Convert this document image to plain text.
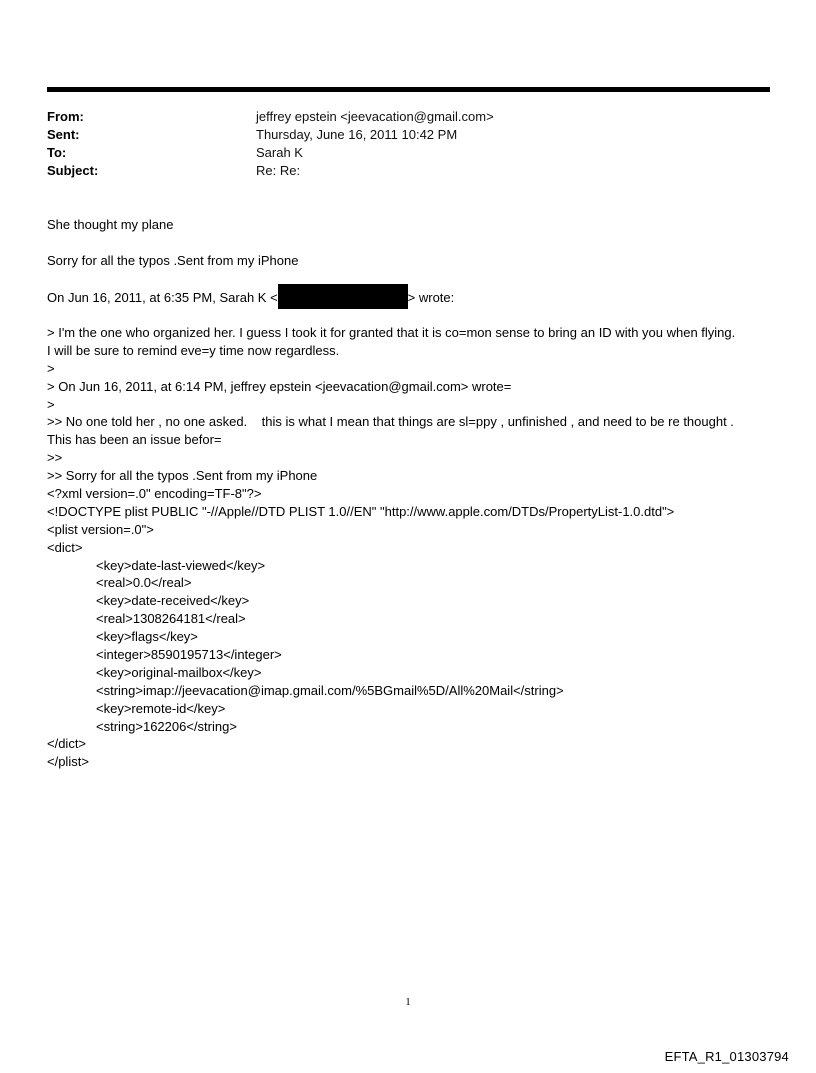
From:	jeffrey epstein <jeevacation@gmail.com>
Sent:	Thursday, June 16, 2011 10:42 PM
To:	Sarah K
Subject:	Re: Re:
She thought my plane
Sorry for all the typos .Sent from my iPhone
On Jun 16, 2011, at 6:35 PM, Sarah K <	> wrote:
> I'm the one who organized her. I guess I took it for granted that it is co=mon sense to bring an ID with you when flying.
I will be sure to remind eve=y time now regardless.
>
> On Jun 16, 2011, at 6:14 PM, jeffrey epstein <jeevacation@gmail.com> wrote=
>
>> No one told her , no one asked.    this is what I mean that things are sl=ppy , unfinished , and need to be re thought .
This has been an issue befor=
>>
>> Sorry for all the typos .Sent from my iPhone
<?xml version=.0" encoding=TF-8"?>
<!DOCTYPE plist PUBLIC "-//Apple//DTD PLIST 1.0//EN" "http://www.apple.com/DTDs/PropertyList-1.0.dtd">
<plist version=.0">
<dict>
<key>date-last-viewed</key>
<real>0.0</real>
<key>date-received</key>
<real>1308264181</real>
<key>flags</key>
<integer>8590195713</integer>
<key>original-mailbox</key>
<string>imap://jeevacation@imap.gmail.com/%5BGmail%5D/All%20Mail</string>
<key>remote-id</key>
<string>162206</string>
</dict>
</plist>
1
EFTA_R1_01303794
